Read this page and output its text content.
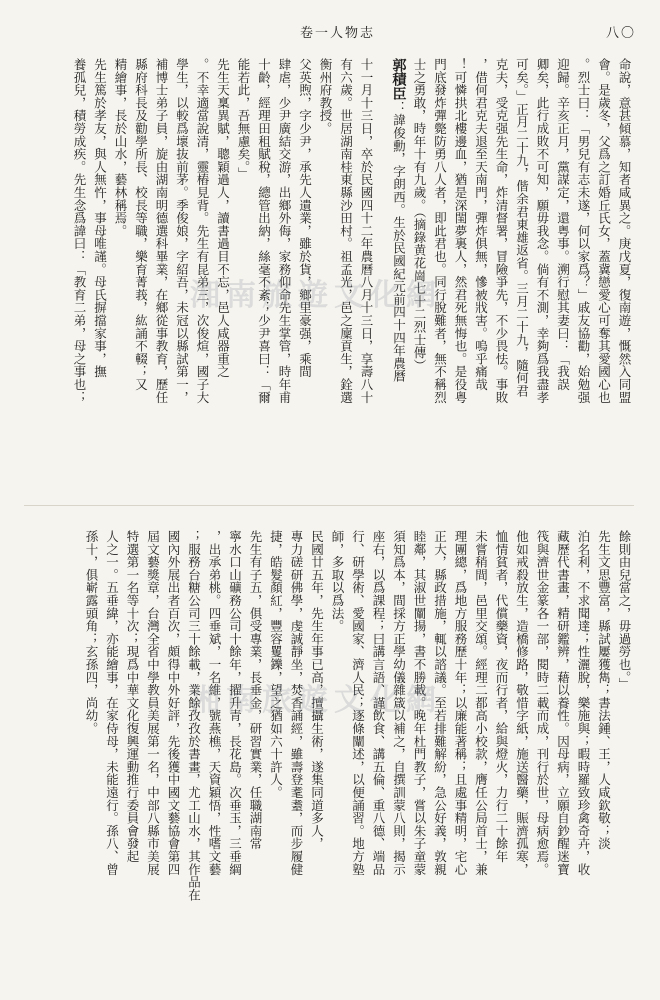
卷一人物志	八〇
命說，意甚傾慕，知者咸異之。庚戊夏，復南遊，慨然入同盟
會。是歲冬，父爲之訂婚丘氏女，蓋冀戀愛心可奪其愛國心也
。烈士曰：「男兒有志未遂，何以家爲？」戚友協勸，始勉强
迎歸。辛亥正月，黨謀定，還粤事。溯行慰其妻曰：「我誤
卿矣，此行成敗不可知，願毋我念。倘有不測，幸夠爲我盡孝
可矣。」正月二十九，偕余君東雄返省。三月二十九，隨何君
克夫，受克强先生命，炸清督署，冒險爭先，不少畏怯。事敗
，借何君克夫退至天南門，彈炸俱無，慘被戕害。嗚乎痛哉
！可憐拱北樓邊血，猶是深閨夢裏人，然君死無悔也。是役粤
門底發炸彈斃防勇八人者，即此君也。同行脫難者，無不稱烈
士之勇敢，時年十有九歲。（摘錄黄花崗七十二烈士傳）
郭積臣：諱俊勳，字朗西。生於民國紀元前四十四年農曆
十一月十三日，卒於民國四十二年農曆八月十三日，享壽八十
有六歲。世居湖南桂東縣沙田村。祖孟光，邑之廩貢生，銓選
衡州府教授。
父英煦，字少尹，承先人遺業，雖於貨，鄉里豪强，乘間
肆虐，少尹廣結交游，出鄉外侮，家務仰命先生掌管，時年甫
十齡，經理田租賦稅，總管出納，絲毫不紊；少尹喜曰：「爾
能若此，吾無慮矣。」
先生天稟異賦，聰穎過人，讀書過目不忘，邑人咸器重之
。不幸適當說清，靈樁見背。先生有昆弟三，次俊煊，國子大
學生，以較爲壞抜前茅。季俊娘，字紹吾，未冠以縣試第一，
補博士弟子員，旋由湖南明德選科畢業，在鄉從事教育，歷任
縣府科長及勸學所長、校長等職，樂育菁莪，紘誦不輟；又
精繪事，長於山水，藝林稱焉。
先生篤於孝友，與人無忤，事母唯謹。母氏摒擋家事，撫
養孤兒，積勞成疾。先生念爲諱曰：「教育二弟，母之事也；
餘則由兒當之，毋過勞也。」
先生文思豐富，縣試屢獲雋；書法鍾、王，人咸欽敬；淡
泊名利，不求聞達；性灑脫，樂施與；暇時羅致珍禽奇卉，收
藏歷代書畫，精研鑑辨，藉以養性。因母病，立願自鈔醒迷寶
筏與濟世金篆各一部，閱時二載而成，刊行於世，母病愈焉。
他如戒殺放生，造橋修路，敬惜字紙，施送醫藥，賑濟孤寒，
恤情貧者，代償藥資，夜而行者，給與燈火，力行二十餘年
未嘗稍間，邑里交頌。經理二都高小校款，膺任公局首士，兼
理團總，爲地方服務歷十年；以廉能著稱；且處事精明，宅心
正大，縣政措施，輒以諮議。至若排難解紛，急公好義，敦親
睦鄰，其淑世闡揚，書不勝載。晚年杜門教子，嘗以朱子童蒙
須知爲本，間採方正學幼儀雜箴以補之，自撰訓蒙八則，揭示
座右，以爲課程；曰講言語、謹飲食、講五倫、重八德、端品
行、研學術、愛國家、濟人民；逐條闡述，以便誦習。地方塾
師，多取以爲法。
民國廿五年，先生年事已高，擅攝生術，遂集同道多人，
專力磋研佛學，虔誠靜坐，焚香誦經，雖壽登耄耋，而步履健
捷，皓髮顏紅，豐容矍鑠，望之猶如六十許人。
先生有子五，俱受專業，長垂金，研習實業，任職湖南常
寧水口山礦務公司十餘年，擢升青，長花島。次垂玉，三垂綱
，出承弟桃。四垂斌，一名維，號燕樵，天資穎悟，性嗜文藝
；服務台糖公司三十餘載，業餘孜孜於書畫，尤工山水，其作品在
國內外展出者百次，頗得中外好評，先後獲中國文藝協會第四
屆文藝獎章，台灣全省中學教員美展第一名，中部八縣市美展
特選第一名等十次；現爲中華文化復興運動推行委員會發起
人之一。五垂緯，亦能繪事，在家侍母，未能遠行。孫八、曾
孫十，俱嶄露頭角；玄孫四，尚幼。
湘南旅遊文化網
湘南旅遊文化網
